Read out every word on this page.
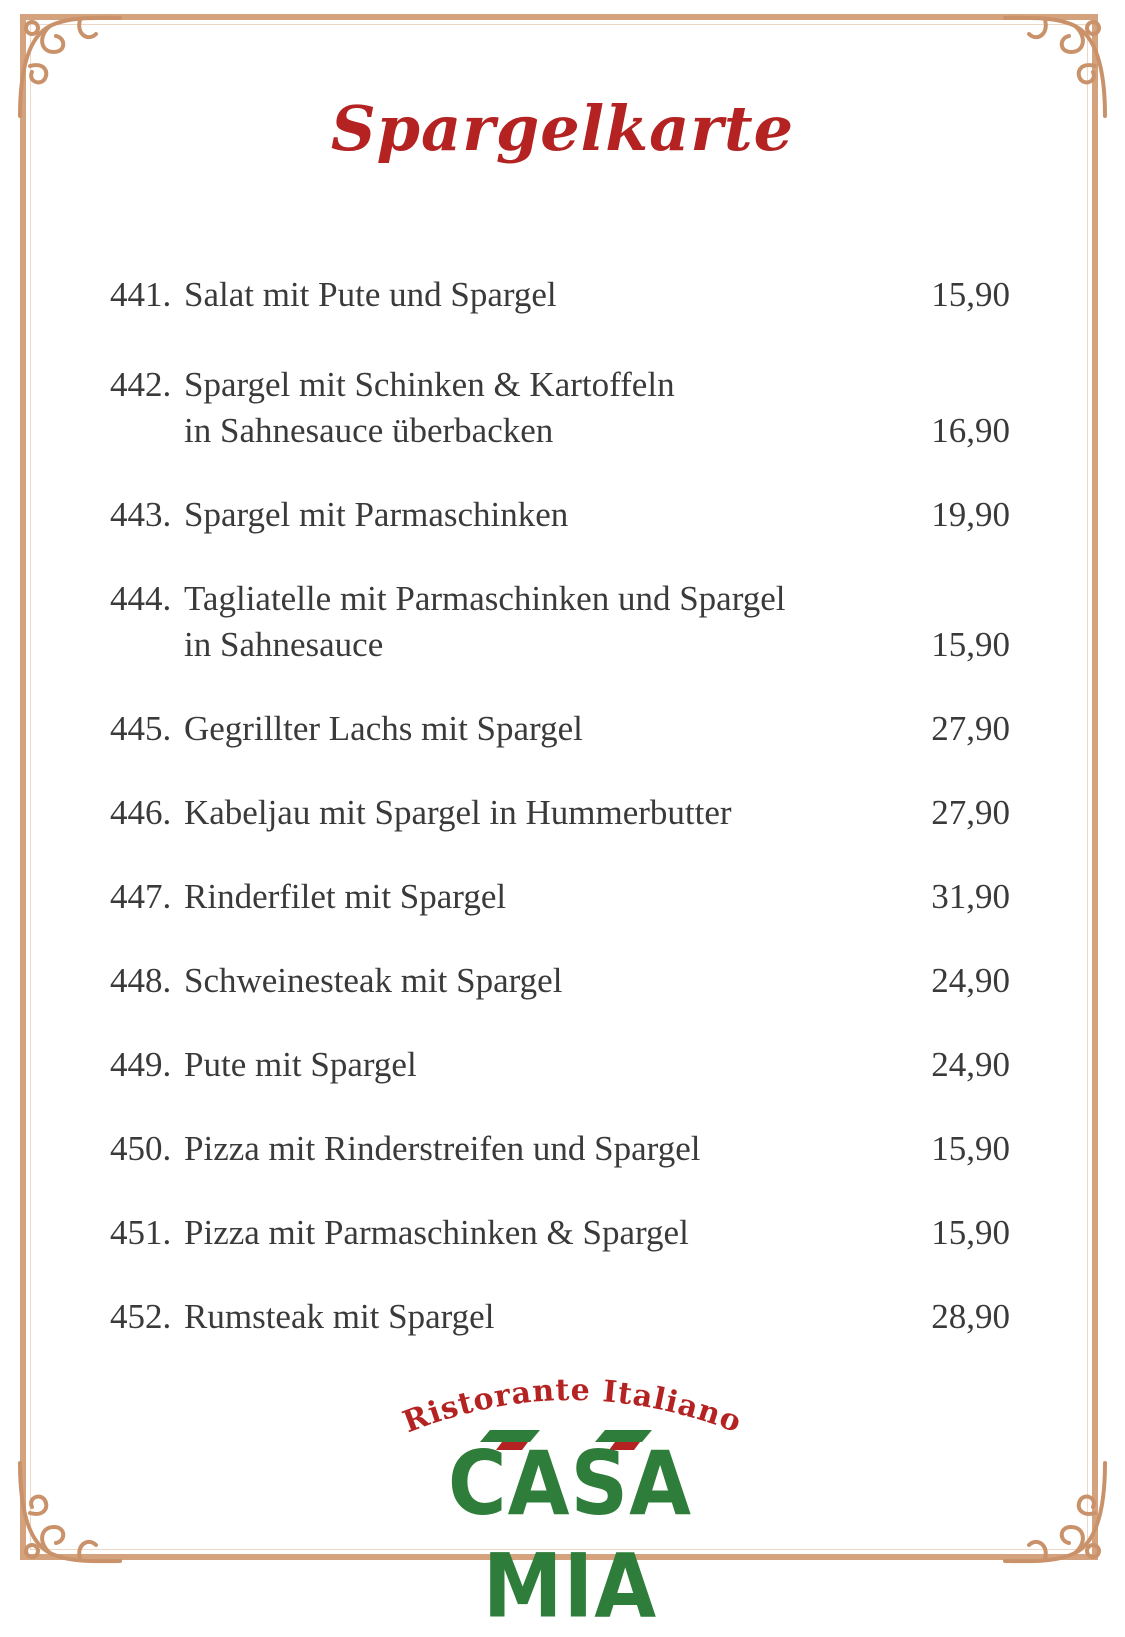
Spargelkarte
441. Salat mit Pute und Spargel	15,90
442. Spargel mit Schinken & Kartoffeln
in Sahnesauce überbacken	16,90
443. Spargel mit Parmaschinken	19,90
444. Tagliatelle mit Parmaschinken und Spargel
in Sahnesauce	15,90
445. Gegrillter Lachs mit Spargel	27,90
446. Kabeljau mit Spargel in Hummerbutter	27,90
447. Rinderfilet mit Spargel	31,90
448. Schweinesteak mit Spargel	24,90
449. Pute mit Spargel	24,90
450. Pizza mit Rinderstreifen und Spargel	15,90
451. Pizza mit Parmaschinken & Spargel	15,90
452. Rumsteak mit Spargel	28,90
Ristorante Italiano
CASA MIA
